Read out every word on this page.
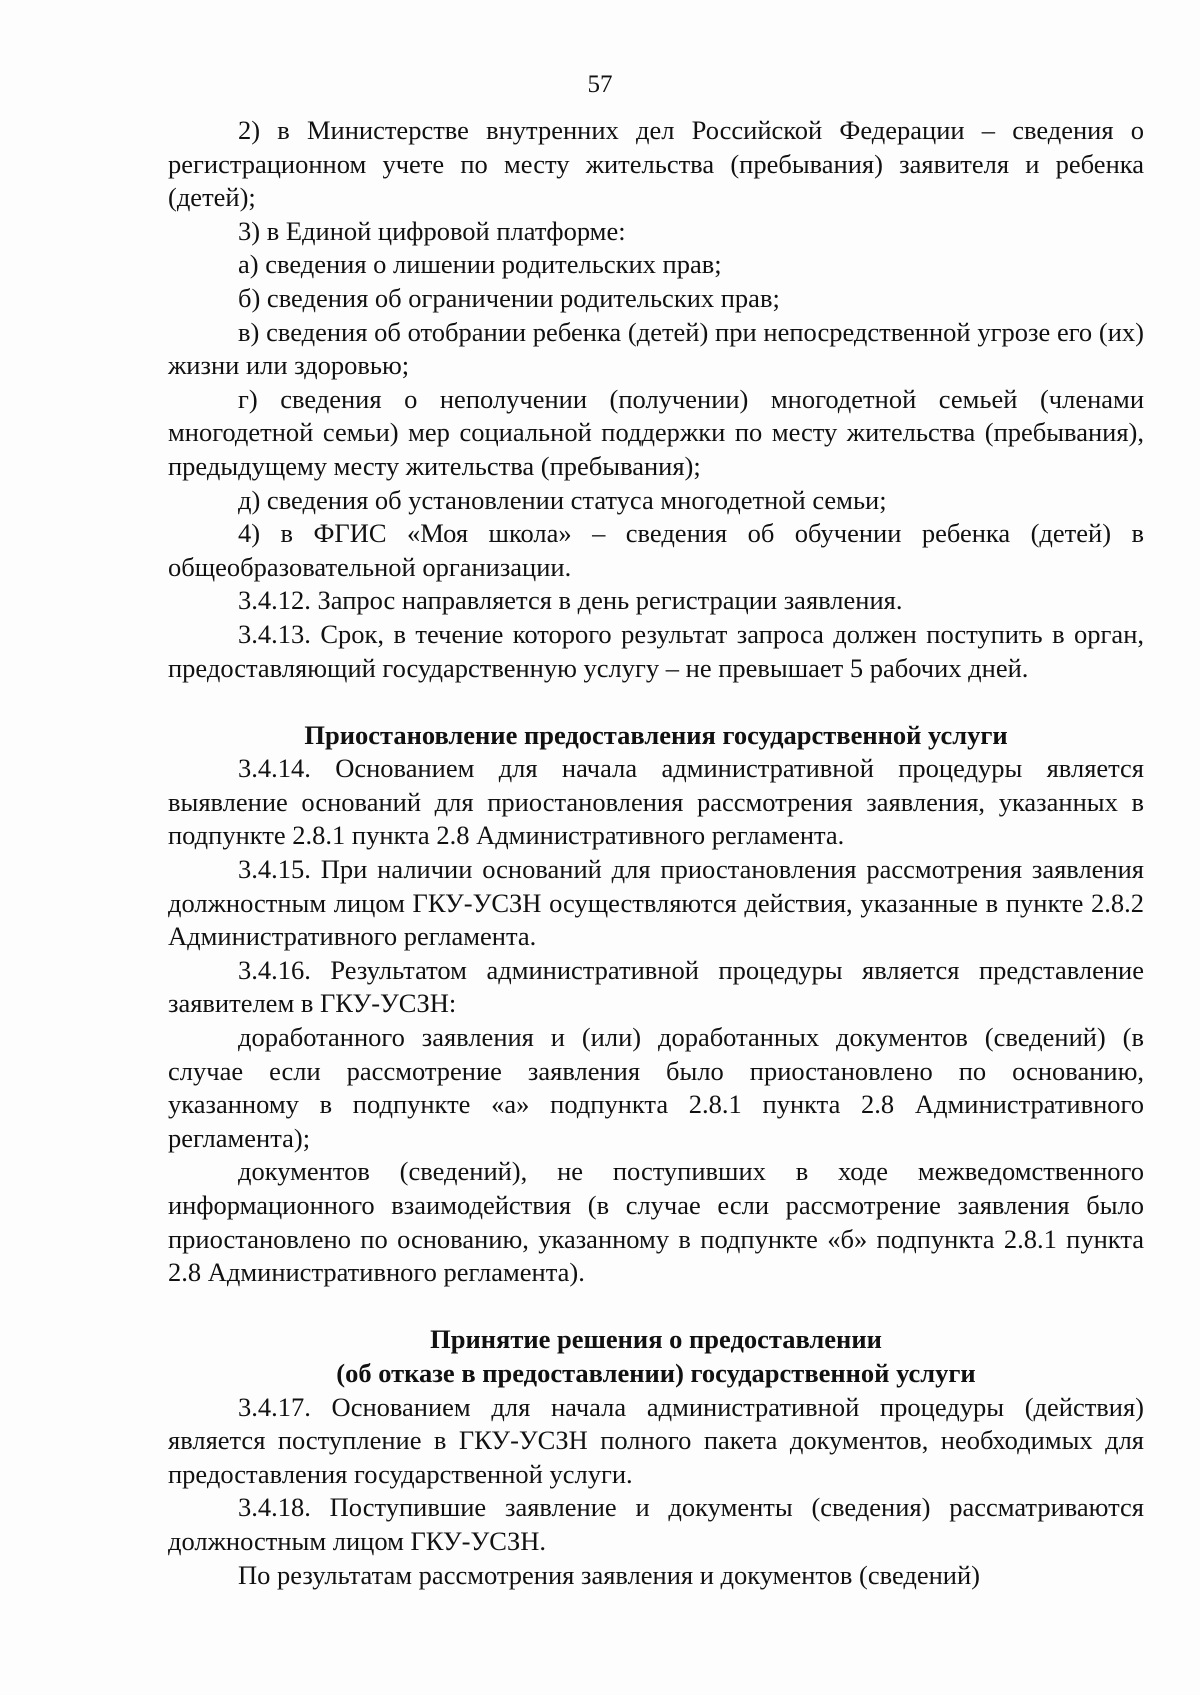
57

2) в Министерстве внутренних дел Российской Федерации – сведения о регистрационном учете по месту жительства (пребывания) заявителя и ребенка (детей);

3) в Единой цифровой платформе:

а) сведения о лишении родительских прав;

б) сведения об ограничении родительских прав;

в) сведения об отобрании ребенка (детей) при непосредственной угрозе его (их) жизни или здоровью;

г) сведения о неполучении (получении) многодетной семьей (членами многодетной семьи) мер социальной поддержки по месту жительства (пребывания), предыдущему месту жительства (пребывания);

д) сведения об установлении статуса многодетной семьи;

4) в ФГИС «Моя школа» – сведения об обучении ребенка (детей) в общеобразовательной организации.

3.4.12. Запрос направляется в день регистрации заявления.

3.4.13. Срок, в течение которого результат запроса должен поступить в орган, предоставляющий государственную услугу – не превышает 5 рабочих дней.

Приостановление предоставления государственной услуги

3.4.14. Основанием для начала административной процедуры является выявление оснований для приостановления рассмотрения заявления, указанных в подпункте 2.8.1 пункта 2.8 Административного регламента.

3.4.15. При наличии оснований для приостановления рассмотрения заявления должностным лицом ГКУ-УСЗН осуществляются действия, указанные в пункте 2.8.2 Административного регламента.

3.4.16. Результатом административной процедуры является представление заявителем в ГКУ-УСЗН:

доработанного заявления и (или) доработанных документов (сведений) (в случае если рассмотрение заявления было приостановлено по основанию, указанному в подпункте «а» подпункта 2.8.1 пункта 2.8 Административного регламента);

документов (сведений), не поступивших в ходе межведомственного информационного взаимодействия (в случае если рассмотрение заявления было приостановлено по основанию, указанному в подпункте «б» подпункта 2.8.1 пункта 2.8 Административного регламента).

Принятие решения о предоставлении
(об отказе в предоставлении) государственной услуги

3.4.17. Основанием для начала административной процедуры (действия) является поступление в ГКУ-УСЗН полного пакета документов, необходимых для предоставления государственной услуги.

3.4.18. Поступившие заявление и документы (сведения) рассматриваются должностным лицом ГКУ-УСЗН.

По результатам рассмотрения заявления и документов (сведений)
